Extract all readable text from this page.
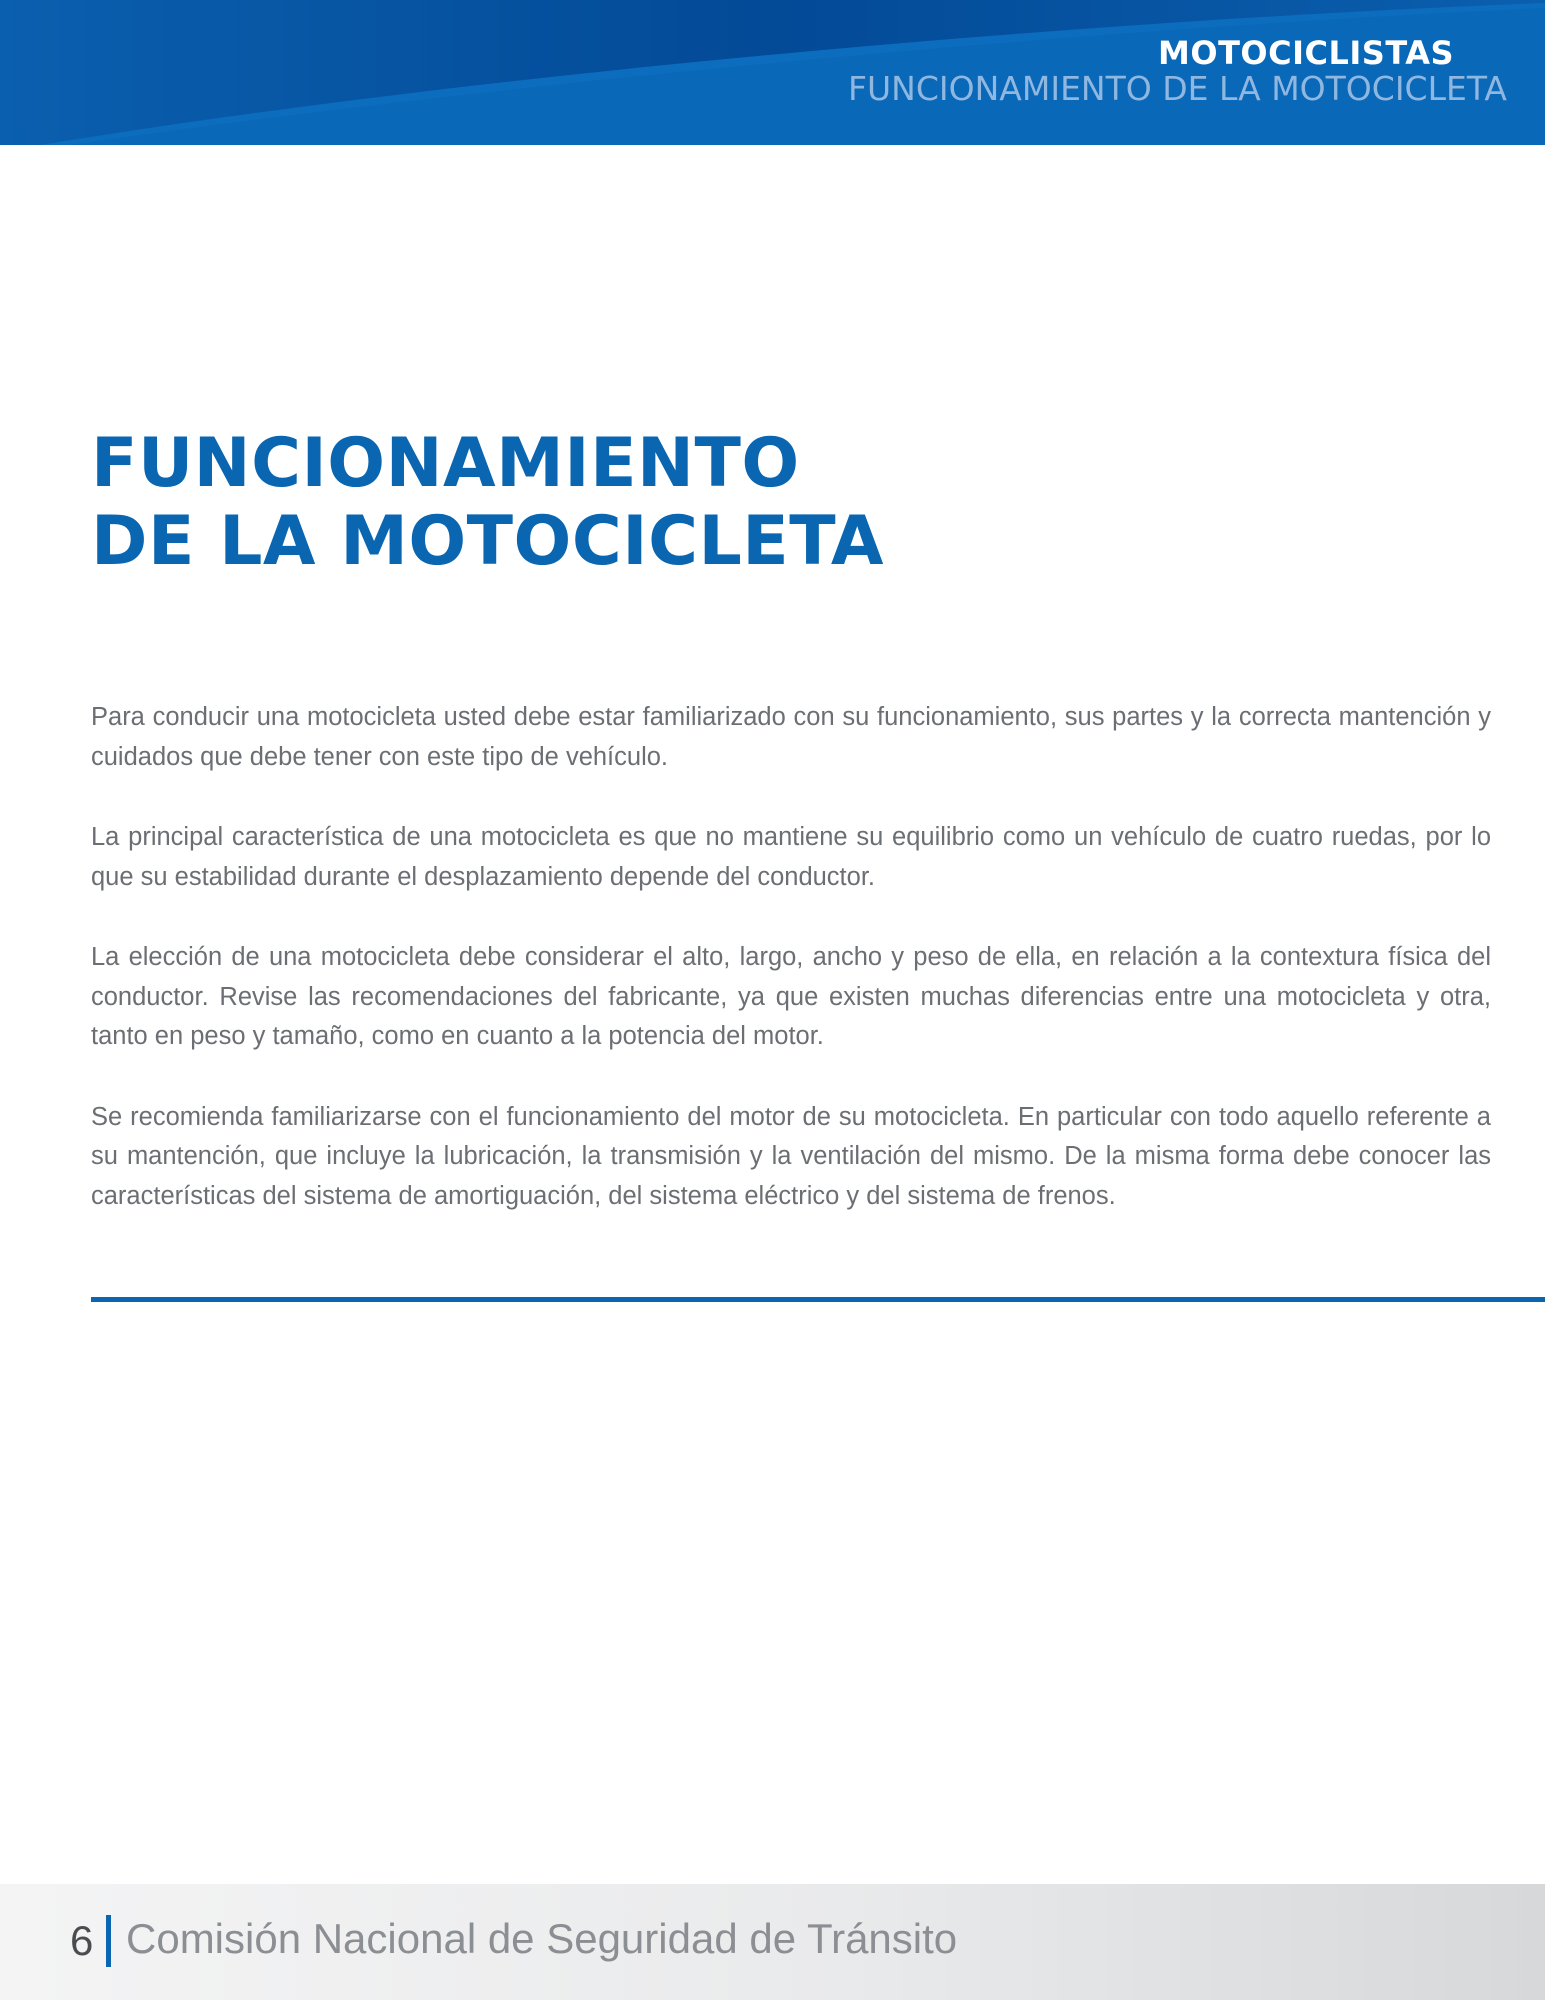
MOTOCICLISTAS
FUNCIONAMIENTO DE LA MOTOCICLETA
FUNCIONAMIENTO
DE LA MOTOCICLETA

Para conducir una motocicleta usted debe estar familiarizado con su funcionamiento, sus partes y la correcta mantención y cuidados que debe tener con este tipo de vehículo.

La principal característica de una motocicleta es que no mantiene su equilibrio como un vehículo de cuatro ruedas, por lo que su estabilidad durante el desplazamiento depende del conductor.

La elección de una motocicleta debe considerar el alto, largo, ancho y peso de ella, en relación a la contextura física del conductor. Revise las recomendaciones del fabricante, ya que existen muchas diferencias entre una motocicleta y otra, tanto en peso y tamaño, como en cuanto a la potencia del motor.

Se recomienda familiarizarse con el funcionamiento del motor de su motocicleta. En particular con todo aquello referente a su mantención, que incluye la lubricación, la transmisión y la ventilación del mismo. De la misma forma debe conocer las características del sistema de amortiguación, del sistema eléctrico y del sistema de frenos.

6 Comisión Nacional de Seguridad de Tránsito
